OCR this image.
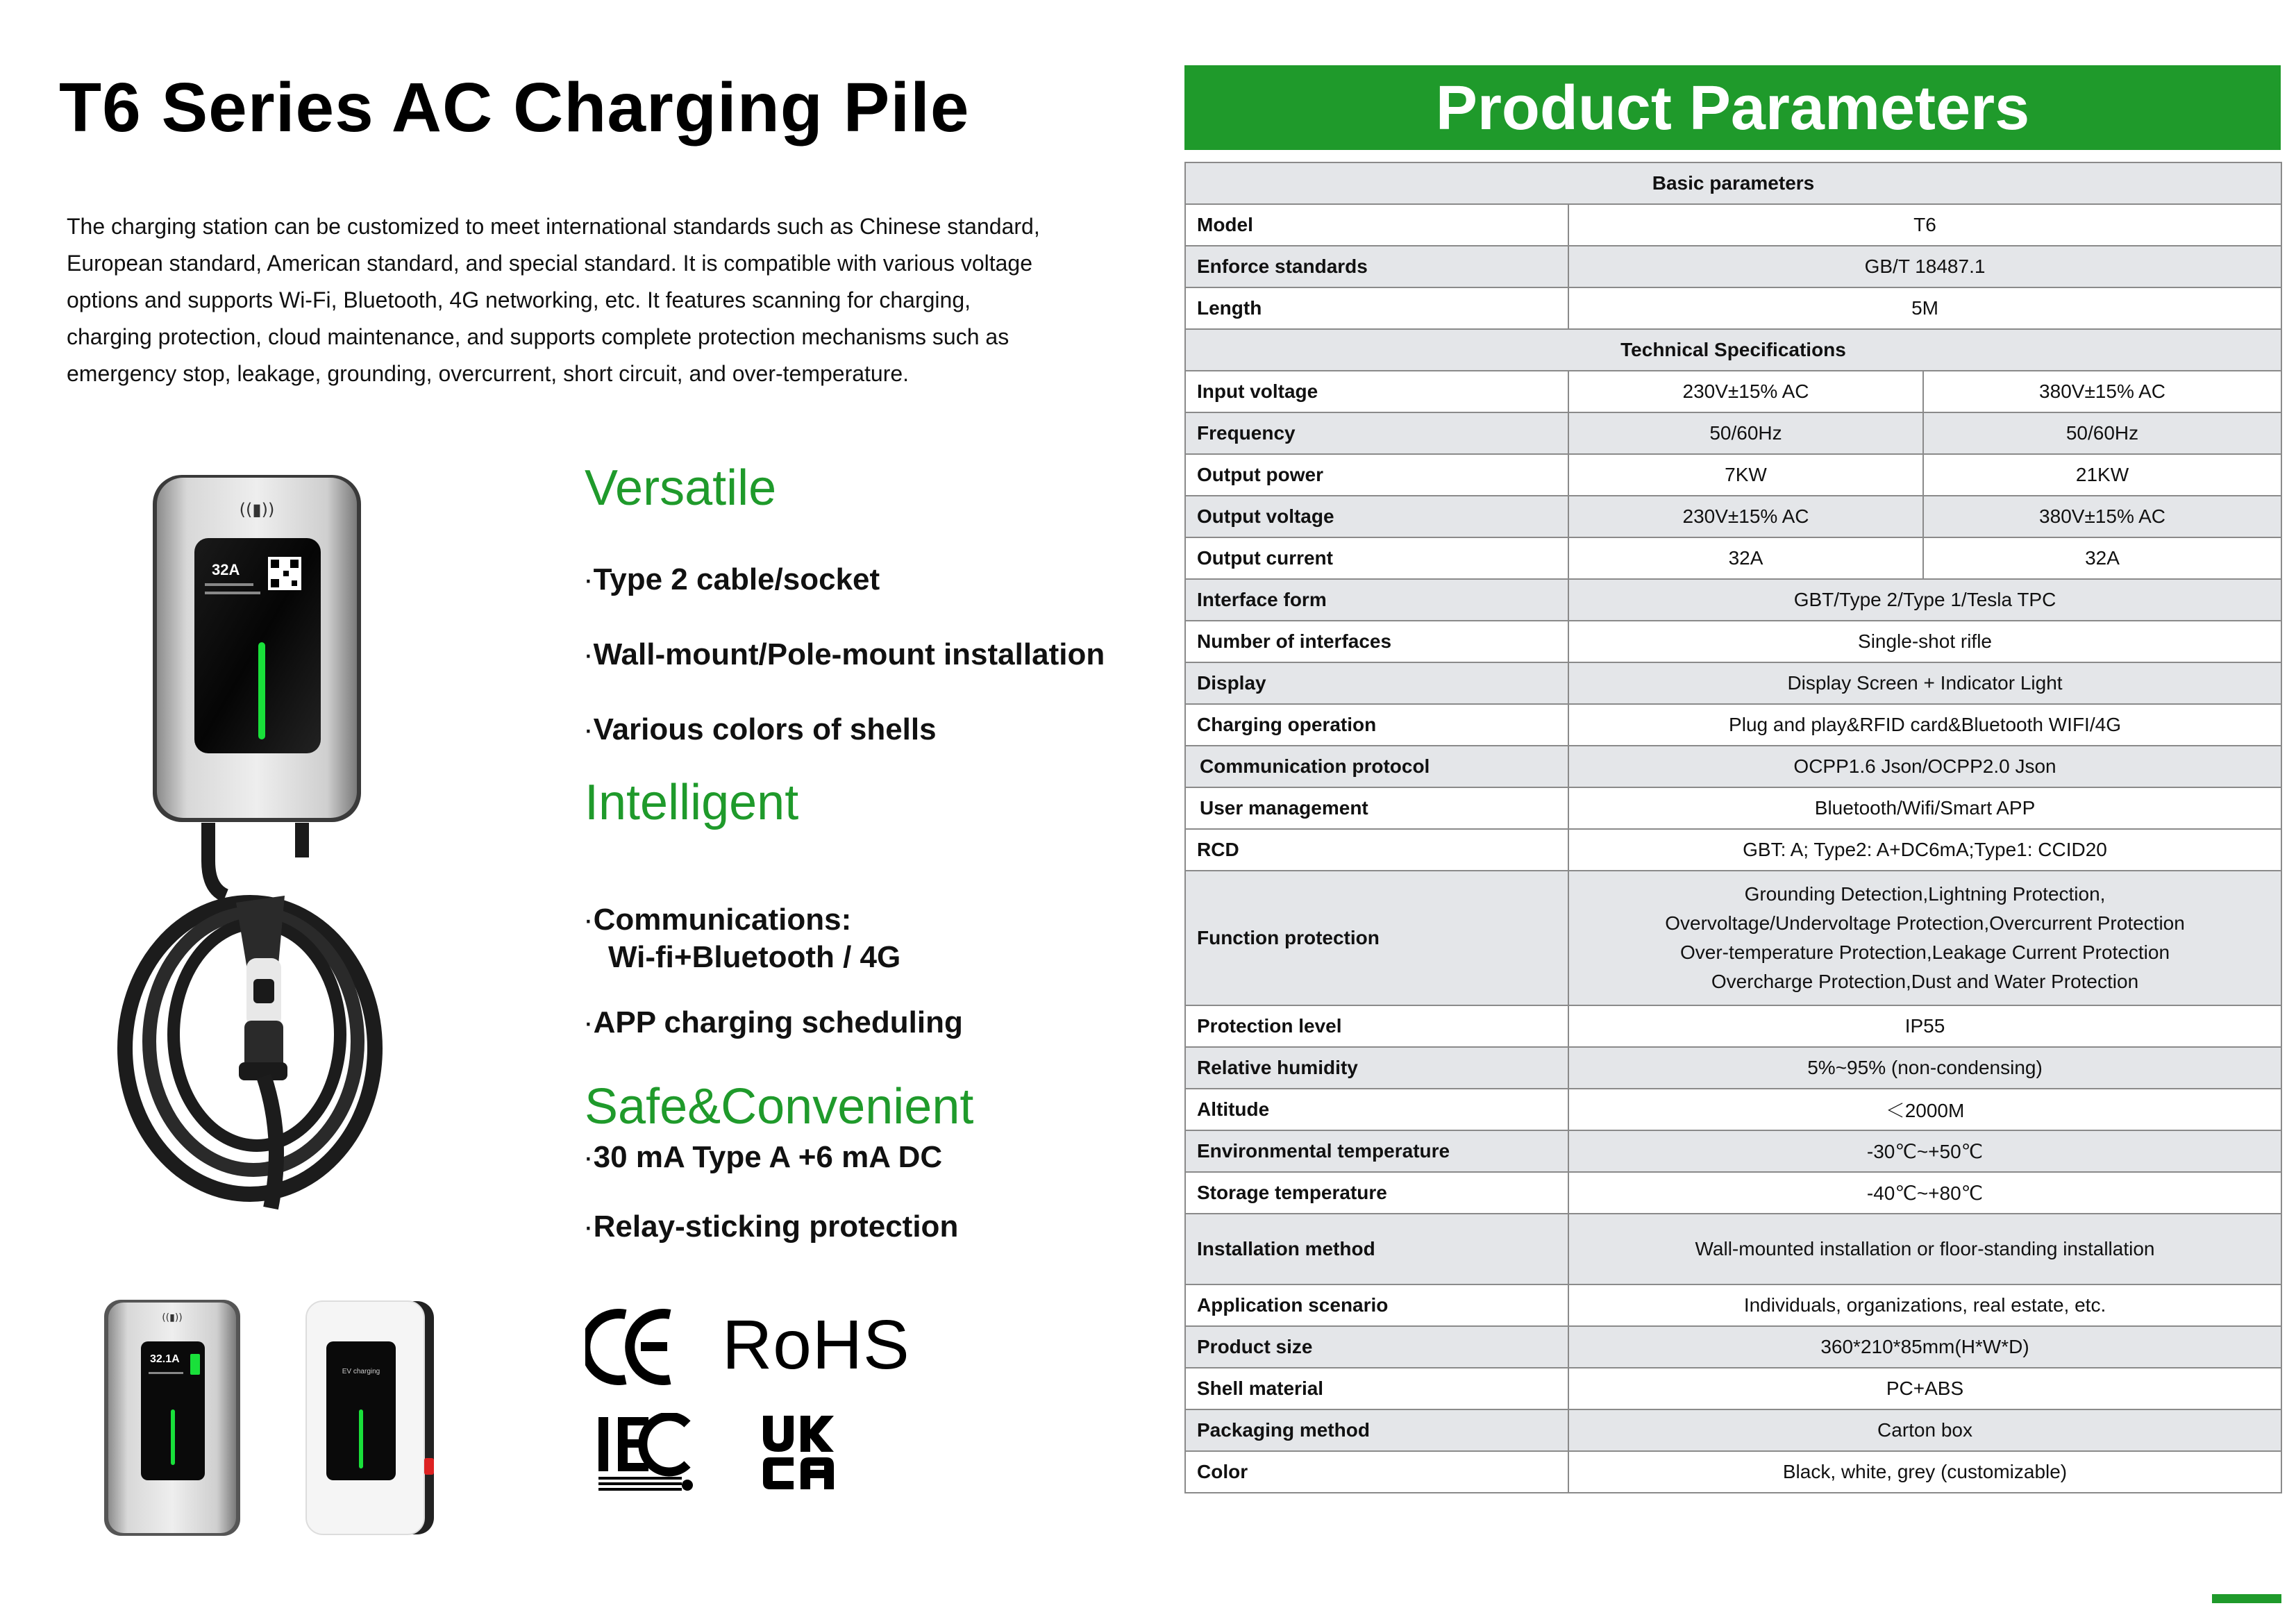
T6 Series AC Charging Pile
The charging station can be customized to meet international standards such as Chinese standard, European standard, American standard, and special standard. It is compatible with various voltage options and supports Wi-Fi, Bluetooth, 4G networking, etc. It features scanning for charging, charging protection, cloud maintenance, and supports complete protection mechanisms such as emergency stop, leakage, grounding, overcurrent, short circuit, and over-temperature.
((▮))
32A
((▮))
32.1A
EV charging
Versatile
·Type 2 cable/socket
·Wall-mount/Pole-mount installation
·Various colors of shells
Intelligent
·Communications:
Wi-fi+Bluetooth / 4G
·APP charging scheduling
Safe&Convenient
·30 mA Type A +6 mA DC
·Relay-sticking protection
RoHS
Product Parameters
Basic parameters		
Model	T6	
Enforce standards	GB/T 18487.1	
Length	5M	
Technical Specifications		
Input voltage	230V±15% AC	380V±15% AC
Frequency	50/60Hz	50/60Hz
Output power	7KW	21KW
Output voltage	230V±15% AC	380V±15% AC
Output current	32A	32A
Interface form	GBT/Type 2/Type 1/Tesla TPC	
Number of interfaces	Single-shot rifle	
Display	Display Screen + Indicator Light	
Charging operation	Plug and play&RFID card&Bluetooth WIFI/4G	
Communication protocol	OCPP1.6 Json/OCPP2.0 Json	
User management	Bluetooth/Wifi/Smart APP	
RCD	GBT: A; Type2: A+DC6mA;Type1: CCID20	
Function protection	Grounding Detection,Lightning Protection,
Overvoltage/Undervoltage Protection,Overcurrent Protection
Over-temperature Protection,Leakage Current Protection
Overcharge Protection,Dust and Water Protection	

Protection level	IP55	
Relative humidity	5%~95% (non-condensing)	
Altitude	＜2000M	
Environmental temperature	-30℃~+50℃	
Storage temperature	-40℃~+80℃	
Installation method	Wall-mounted installation or floor-standing installation	
Application scenario	Individuals, organizations, real estate, etc.	
Product size	360*210*85mm(H*W*D)	
Shell material	PC+ABS	
Packaging method	Carton box	
Color	Black, white, grey (customizable)	
